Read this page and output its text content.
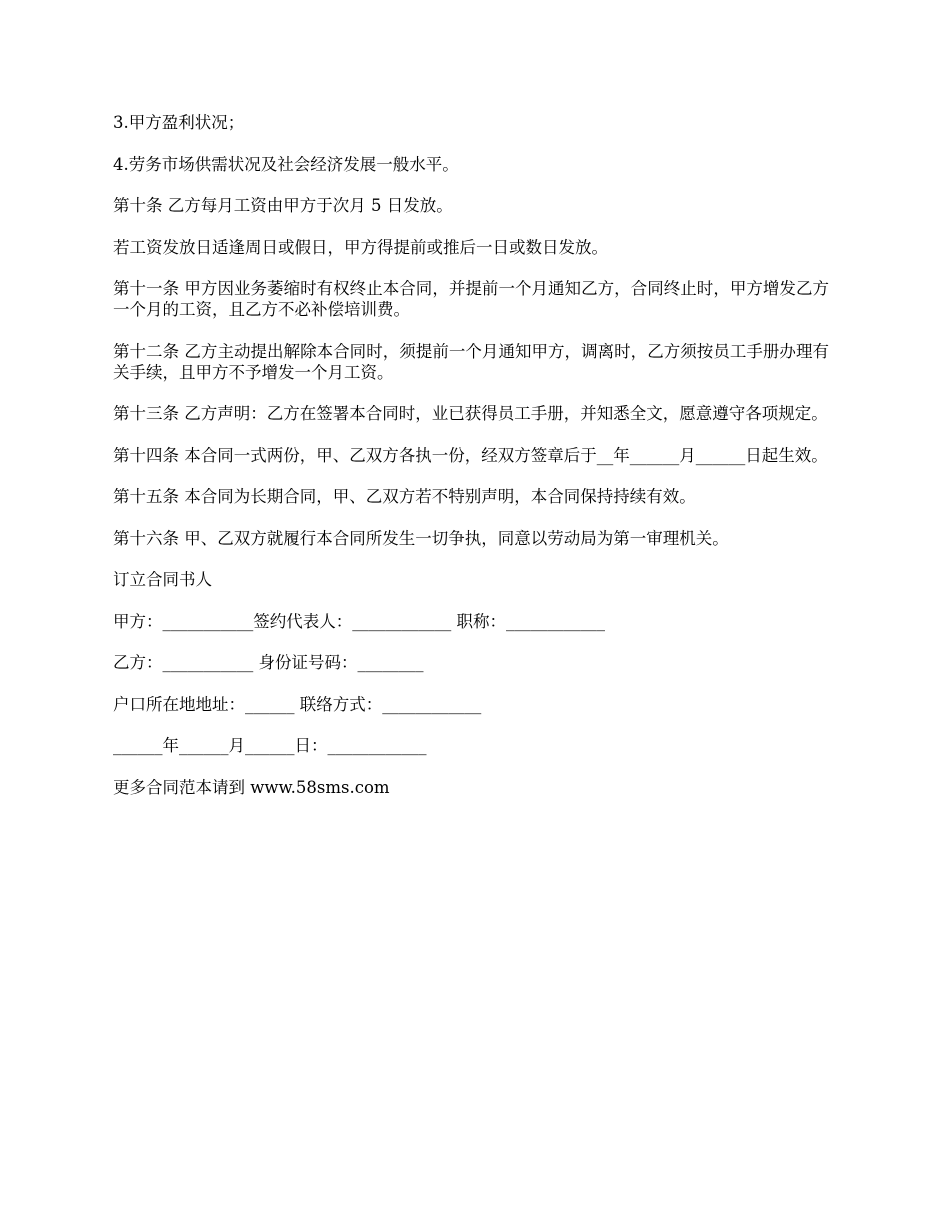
3.甲方盈利状况；

4.劳务市场供需状况及社会经济发展一般水平。

第十条 乙方每月工资由甲方于次月 5 日发放。

若工资发放日适逢周日或假日，甲方得提前或推后一日或数日发放。

第十一条 甲方因业务萎缩时有权终止本合同，并提前一个月通知乙方，合同终止时，甲方增发乙方一个月的工资，且乙方不必补偿培训费。

第十二条 乙方主动提出解除本合同时，须提前一个月通知甲方，调离时，乙方须按员工手册办理有关手续，且甲方不予增发一个月工资。

第十三条 乙方声明：乙方在签署本合同时，业已获得员工手册，并知悉全文，愿意遵守各项规定。

第十四条 本合同一式两份，甲、乙双方各执一份，经双方签章后于__年______月______日起生效。

第十五条 本合同为长期合同，甲、乙双方若不特别声明，本合同保持持续有效。

第十六条 甲、乙双方就履行本合同所发生一切争执，同意以劳动局为第一审理机关。

订立合同书人

甲方：___________签约代表人：____________ 职称：____________

乙方：___________ 身份证号码：________

户口所在地地址：______ 联络方式：____________

______年______月______日：____________

更多合同范本请到 www.58sms.com
